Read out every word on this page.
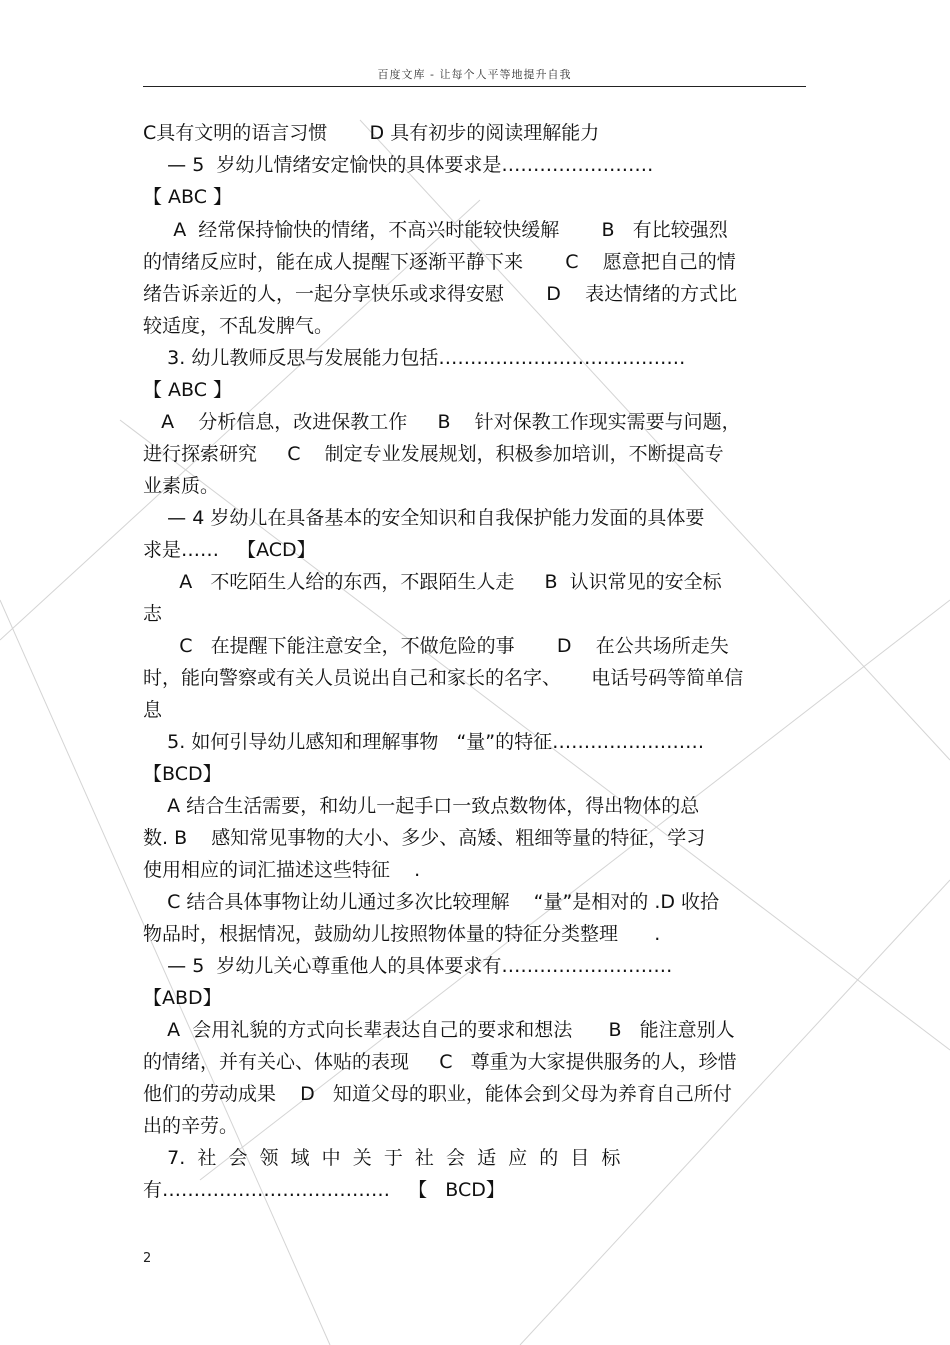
百度文库 - 让每个人平等地提升自我
C具有文明的语言习惯       D 具有初步的阅读理解能力
— 5  岁幼儿情绪安定愉快的具体要求是……………………
【 ABC 】
A  经常保持愉快的情绪，不高兴时能较快缓解       B   有比较强烈
的情绪反应时，能在成人提醒下逐渐平静下来       C    愿意把自己的情
绪告诉亲近的人，一起分享快乐或求得安慰       D    表达情绪的方式比
较适度，不乱发脾气。
3. 幼儿教师反思与发展能力包括…………………………………
【 ABC 】
A    分析信息，改进保教工作     B    针对保教工作现实需要与问题，
进行探索研究     C    制定专业发展规划，积极参加培训，不断提高专
业素质。
— 4 岁幼儿在具备基本的安全知识和自我保护能力发面的具体要
求是……   【ACD】
A   不吃陌生人给的东西，不跟陌生人走     B  认识常见的安全标
志
C   在提醒下能注意安全，不做危险的事       D    在公共场所走失
时，能向警察或有关人员说出自己和家长的名字、     电话号码等简单信
息
5. 如何引导幼儿感知和理解事物   “量”的特征……………………
【BCD】
A 结合生活需要，和幼儿一起手口一致点数物体，得出物体的总
数. B    感知常见事物的大小、多少、高矮、粗细等量的特征，学习
使用相应的词汇描述这些特征    .
C 结合具体事物让幼儿通过多次比较理解    “量”是相对的 .D 收拾
物品时，根据情况，鼓励幼儿按照物体量的特征分类整理      .
— 5  岁幼儿关心尊重他人的具体要求有………………………
【ABD】
A  会用礼貌的方式向长辈表达自己的要求和想法      B   能注意别人
的情绪，并有关心、体贴的表现     C   尊重为大家提供服务的人，珍惜
他们的劳动成果    D   知道父母的职业，能体会到父母为养育自己所付
出的辛劳。
7.  社  会  领  域  中  关  于  社  会  适  应  的  目  标
有………………………………   【   BCD】
2
